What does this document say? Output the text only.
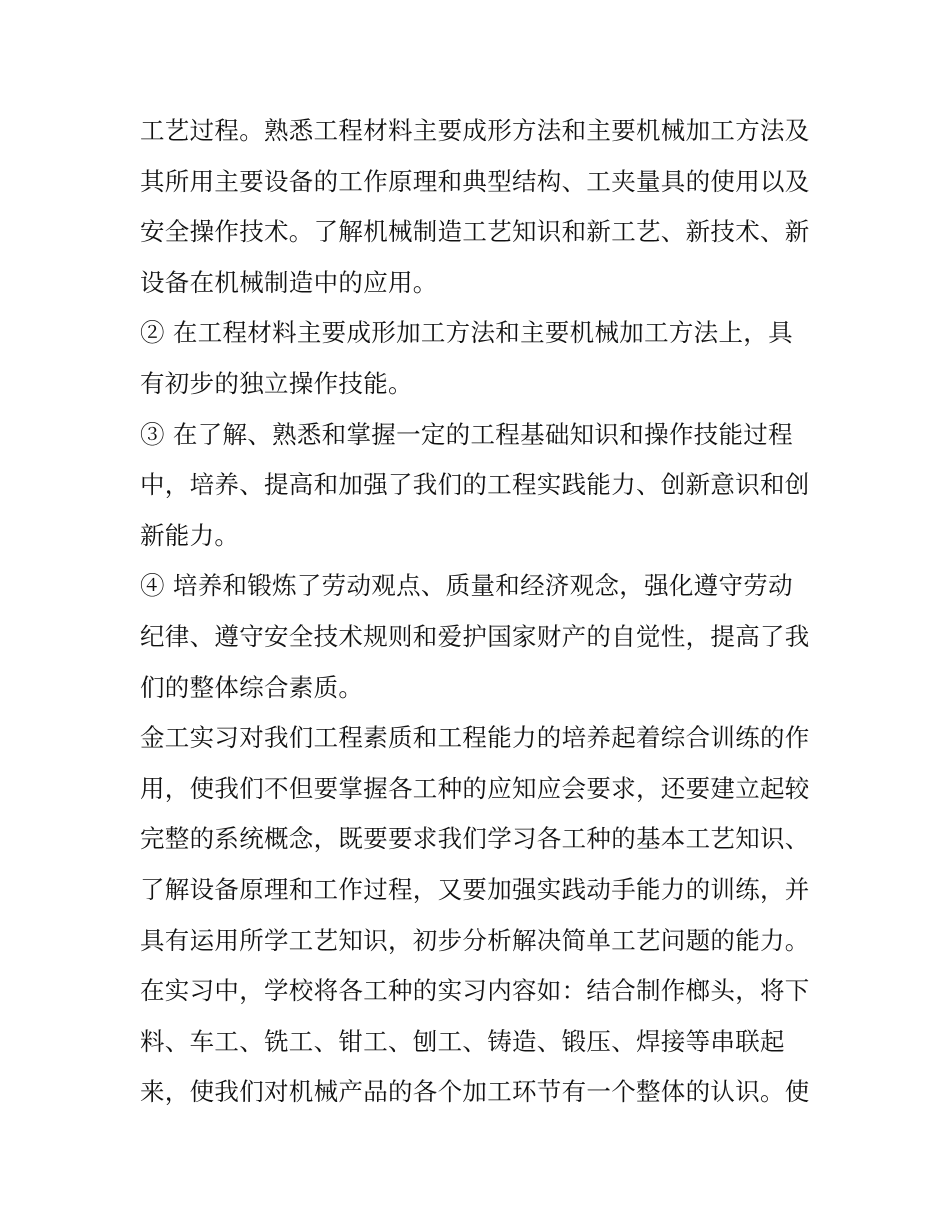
工艺过程。熟悉工程材料主要成形方法和主要机械加工方法及
其所用主要设备的工作原理和典型结构、工夹量具的使用以及
安全操作技术。了解机械制造工艺知识和新工艺、新技术、新
设备在机械制造中的应用。
② 在工程材料主要成形加工方法和主要机械加工方法上，具
有初步的独立操作技能。
③ 在了解、熟悉和掌握一定的工程基础知识和操作技能过程
中，培养、提高和加强了我们的工程实践能力、创新意识和创
新能力。
④ 培养和锻炼了劳动观点、质量和经济观念，强化遵守劳动
纪律、遵守安全技术规则和爱护国家财产的自觉性，提高了我
们的整体综合素质。
金工实习对我们工程素质和工程能力的培养起着综合训练的作
用，使我们不但要掌握各工种的应知应会要求，还要建立起较
完整的系统概念，既要要求我们学习各工种的基本工艺知识、
了解设备原理和工作过程，又要加强实践动手能力的训练，并
具有运用所学工艺知识，初步分析解决简单工艺问题的能力。
在实习中，学校将各工种的实习内容如：结合制作榔头，将下
料、车工、铣工、钳工、刨工、铸造、锻压、焊接等串联起
来，使我们对机械产品的各个加工环节有一个整体的认识。使
